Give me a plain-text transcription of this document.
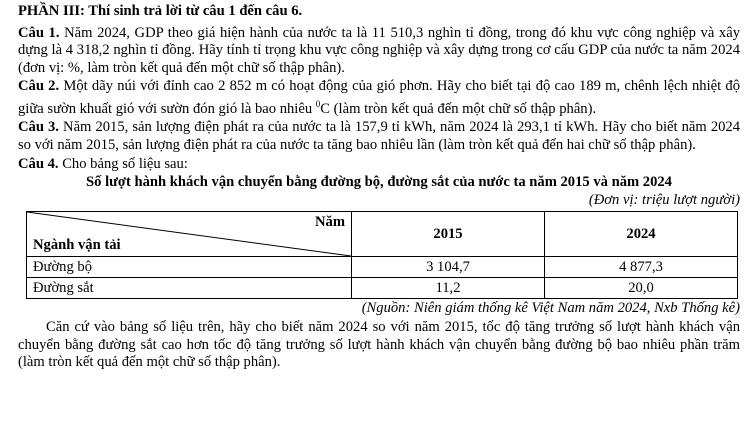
PHẦN III: Thí sinh trả lời từ câu 1 đến câu 6.

Câu 1. Năm 2024, GDP theo giá hiện hành của nước ta là 11 510,3 nghìn tỉ đồng, trong đó khu vực công nghiệp và xây dựng là 4 318,2 nghìn tỉ đồng. Hãy tính tỉ trọng khu vực công nghiệp và xây dựng trong cơ cấu GDP của nước ta năm 2024 (đơn vị: %, làm tròn kết quả đến một chữ số thập phân).

Câu 2. Một dãy núi với đỉnh cao 2 852 m có hoạt động của gió phơn. Hãy cho biết tại độ cao 189 m, chênh lệch nhiệt độ giữa sườn khuất gió với sườn đón gió là bao nhiêu $^0$C (làm tròn kết quả đến một chữ số thập phân).

Câu 3. Năm 2015, sản lượng điện phát ra của nước ta là 157,9 tỉ kWh, năm 2024 là 293,1 tỉ kWh. Hãy cho biết năm 2024 so với năm 2015, sản lượng điện phát ra của nước ta tăng bao nhiêu lần (làm tròn kết quả đến hai chữ số thập phân).

Câu 4. Cho bảng số liệu sau:

Số lượt hành khách vận chuyển bằng đường bộ, đường sắt của nước ta năm 2015 và năm 2024
(Đơn vị: triệu lượt người)
Năm
Ngành vận tải	2015	2024
Đường bộ	3 104,7	4 877,3
Đường sắt	11,2	20,0
(Nguồn: Niên giám thống kê Việt Nam năm 2024, Nxb Thống kê)

Căn cứ vào bảng số liệu trên, hãy cho biết năm 2024 so với năm 2015, tốc độ tăng trưởng số lượt hành khách vận chuyển bằng đường sắt cao hơn tốc độ tăng trưởng số lượt hành khách vận chuyển bằng đường bộ bao nhiêu phần trăm (làm tròn kết quả đến một chữ số thập phân).
